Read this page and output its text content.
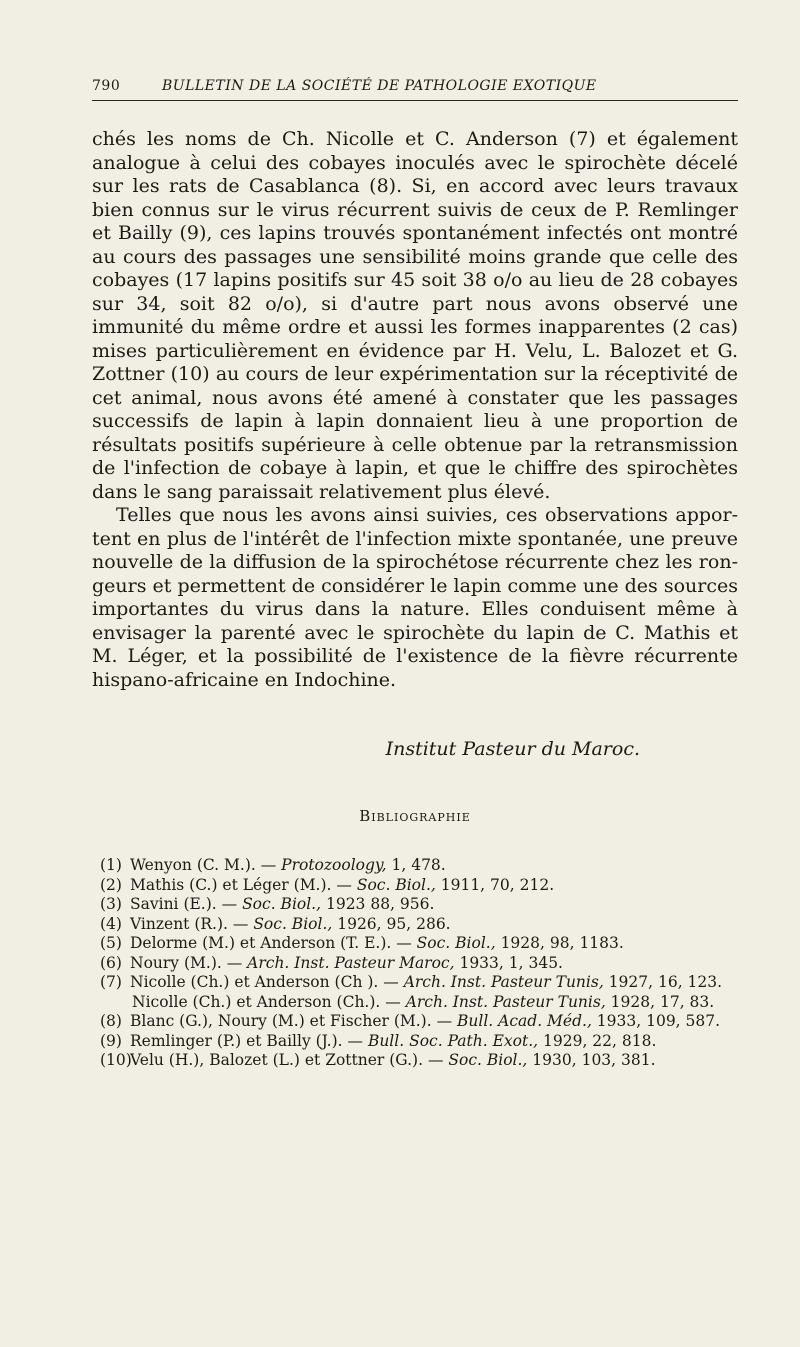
790	BULLETIN DE LA SOCIÉTÉ DE PATHOLOGIE EXOTIQUE

chés les noms de Ch. Nicolle et C. Anderson (7) et également analogue à celui des cobayes inoculés avec le spirochète décelé sur les rats de Casablanca (8). Si, en accord avec leurs travaux bien connus sur le virus récurrent suivis de ceux de P. Remlinger et Bailly (9), ces lapins trouvés spontanément infectés ont montré au cours des passages une sensibilité moins grande que celle des cobayes (17 lapins positifs sur 45 soit 38 o/o au lieu de 28 cobayes sur 34, soit 82 o/o), si d'autre part nous avons observé une immunité du même ordre et aussi les formes inapparentes (2 cas) mises particulièrement en évidence par H. Velu, L. Balozet et G. Zottner (10) au cours de leur expérimentation sur la réceptivité de cet animal, nous avons été amené à constater que les passages successifs de lapin à lapin donnaient lieu à une proportion de résultats positifs supérieure à celle obtenue par la retransmission de l'infection de cobaye à lapin, et que le chiffre des spirochètes dans le sang paraissait relativement plus élevé.

Telles que nous les avons ainsi suivies, ces observations apportent en plus de l'intérêt de l'infection mixte spontanée, une preuve nouvelle de la diffusion de la spirochétose récurrente chez les rongeurs et permettent de considérer le lapin comme une des sources importantes du virus dans la nature. Elles conduisent même à envisager la parenté avec le spirochète du lapin de C. Mathis et M. Léger, et la possibilité de l'existence de la fièvre récurrente hispano-africaine en Indochine.

Institut Pasteur du Maroc.
Bibliographie
(1) Wenyon (C. M.). — Protozoology, 1, 478.
(2) Mathis (C.) et Léger (M.). — Soc. Biol., 1911, 70, 212.
(3) Savini (E.). — Soc. Biol., 1923 88, 956.
(4) Vinzent (R.). — Soc. Biol., 1926, 95, 286.
(5) Delorme (M.) et Anderson (T. E.). — Soc. Biol., 1928, 98, 1183.
(6) Noury (M.). — Arch. Inst. Pasteur Maroc, 1933, 1, 345.
(7) Nicolle (Ch.) et Anderson (Ch ). — Arch. Inst. Pasteur Tunis, 1927, 16, 123.
Nicolle (Ch.) et Anderson (Ch.). — Arch. Inst. Pasteur Tunis, 1928, 17, 83.
(8) Blanc (G.), Noury (M.) et Fischer (M.). — Bull. Acad. Méd., 1933, 109, 587.
(9) Remlinger (P.) et Bailly (J.). — Bull. Soc. Path. Exot., 1929, 22, 818.
(10)Velu (H.), Balozet (L.) et Zottner (G.). — Soc. Biol., 1930, 103, 381.
